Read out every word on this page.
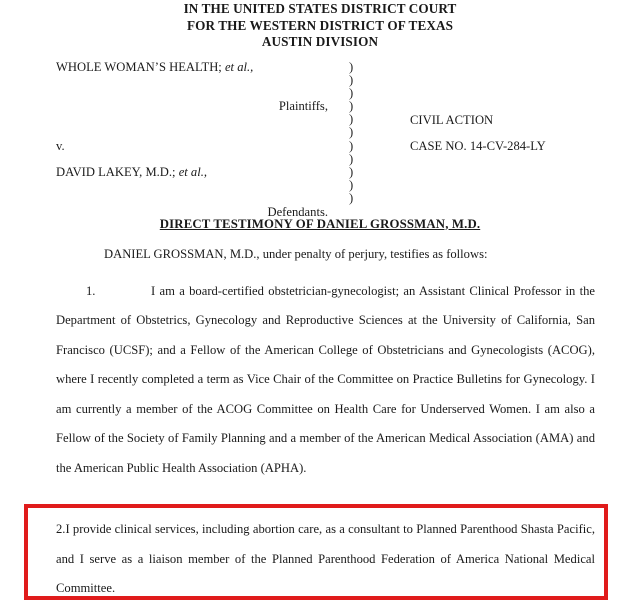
IN THE UNITED STATES DISTRICT COURT
FOR THE WESTERN DISTRICT OF TEXAS
AUSTIN DIVISION
WHOLE WOMAN’S HEALTH; et al.,
Plaintiffs,
v.
DAVID LAKEY, M.D.; et al.,
Defendants.
)
)
)
)
)
)
)
)
)
)
)
CIVIL ACTION
CASE NO. 14-CV-284-LY
DIRECT TESTIMONY OF DANIEL GROSSMAN, M.D.
DANIEL GROSSMAN, M.D., under penalty of perjury, testifies as follows:
1.	I am a board-certified obstetrician-gynecologist; an Assistant Clinical Professor in the Department of Obstetrics, Gynecology and Reproductive Sciences at the University of California, San Francisco (UCSF); and a Fellow of the American College of Obstetricians and Gynecologists (ACOG), where I recently completed a term as Vice Chair of the Committee on Practice Bulletins for Gynecology. I am currently a member of the ACOG Committee on Health Care for Underserved Women. I am also a Fellow of the Society of Family Planning and a member of the American Medical Association (AMA) and the American Public Health Association (APHA).
2.I provide clinical services, including abortion care, as a consultant to Planned Parenthood Shasta Pacific, and I serve as a liaison member of the Planned Parenthood Federation of America National Medical Committee.
